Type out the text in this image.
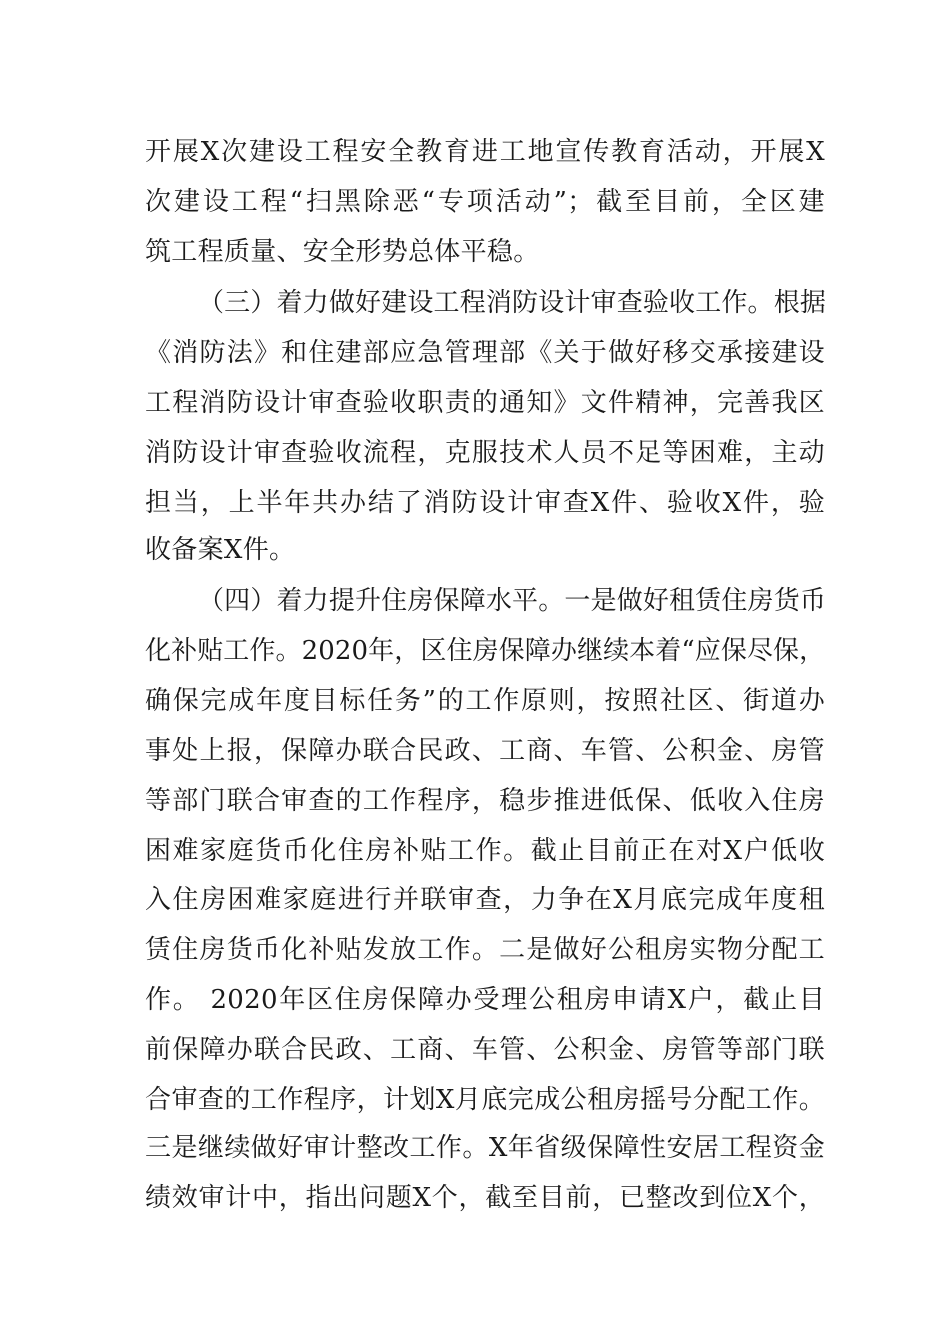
开展X次建设工程安全教育进工地宣传教育活动，开展X
次建设工程“扫黑除恶“专项活动”；截至目前，全区建
筑工程质量、安全形势总体平稳。
（三）着力做好建设工程消防设计审查验收工作。根据
《消防法》和住建部应急管理部《关于做好移交承接建设
工程消防设计审查验收职责的通知》文件精神，完善我区
消防设计审查验收流程，克服技术人员不足等困难，主动
担当，上半年共办结了消防设计审查X件、验收X件，验
收备案X件。
（四）着力提升住房保障水平。一是做好租赁住房货币
化补贴工作。2020年，区住房保障办继续本着“应保尽保，
确保完成年度目标任务”的工作原则，按照社区、街道办
事处上报，保障办联合民政、工商、车管、公积金、房管
等部门联合审查的工作程序，稳步推进低保、低收入住房
困难家庭货币化住房补贴工作。截止目前正在对X户低收
入住房困难家庭进行并联审查，力争在X月底完成年度租
赁住房货币化补贴发放工作。二是做好公租房实物分配工
作。 2020年区住房保障办受理公租房申请X户，截止目
前保障办联合民政、工商、车管、公积金、房管等部门联
合审查的工作程序，计划X月底完成公租房摇号分配工作。
三是继续做好审计整改工作。X年省级保障性安居工程资金
绩效审计中，指出问题X个，截至目前，已整改到位X个，
